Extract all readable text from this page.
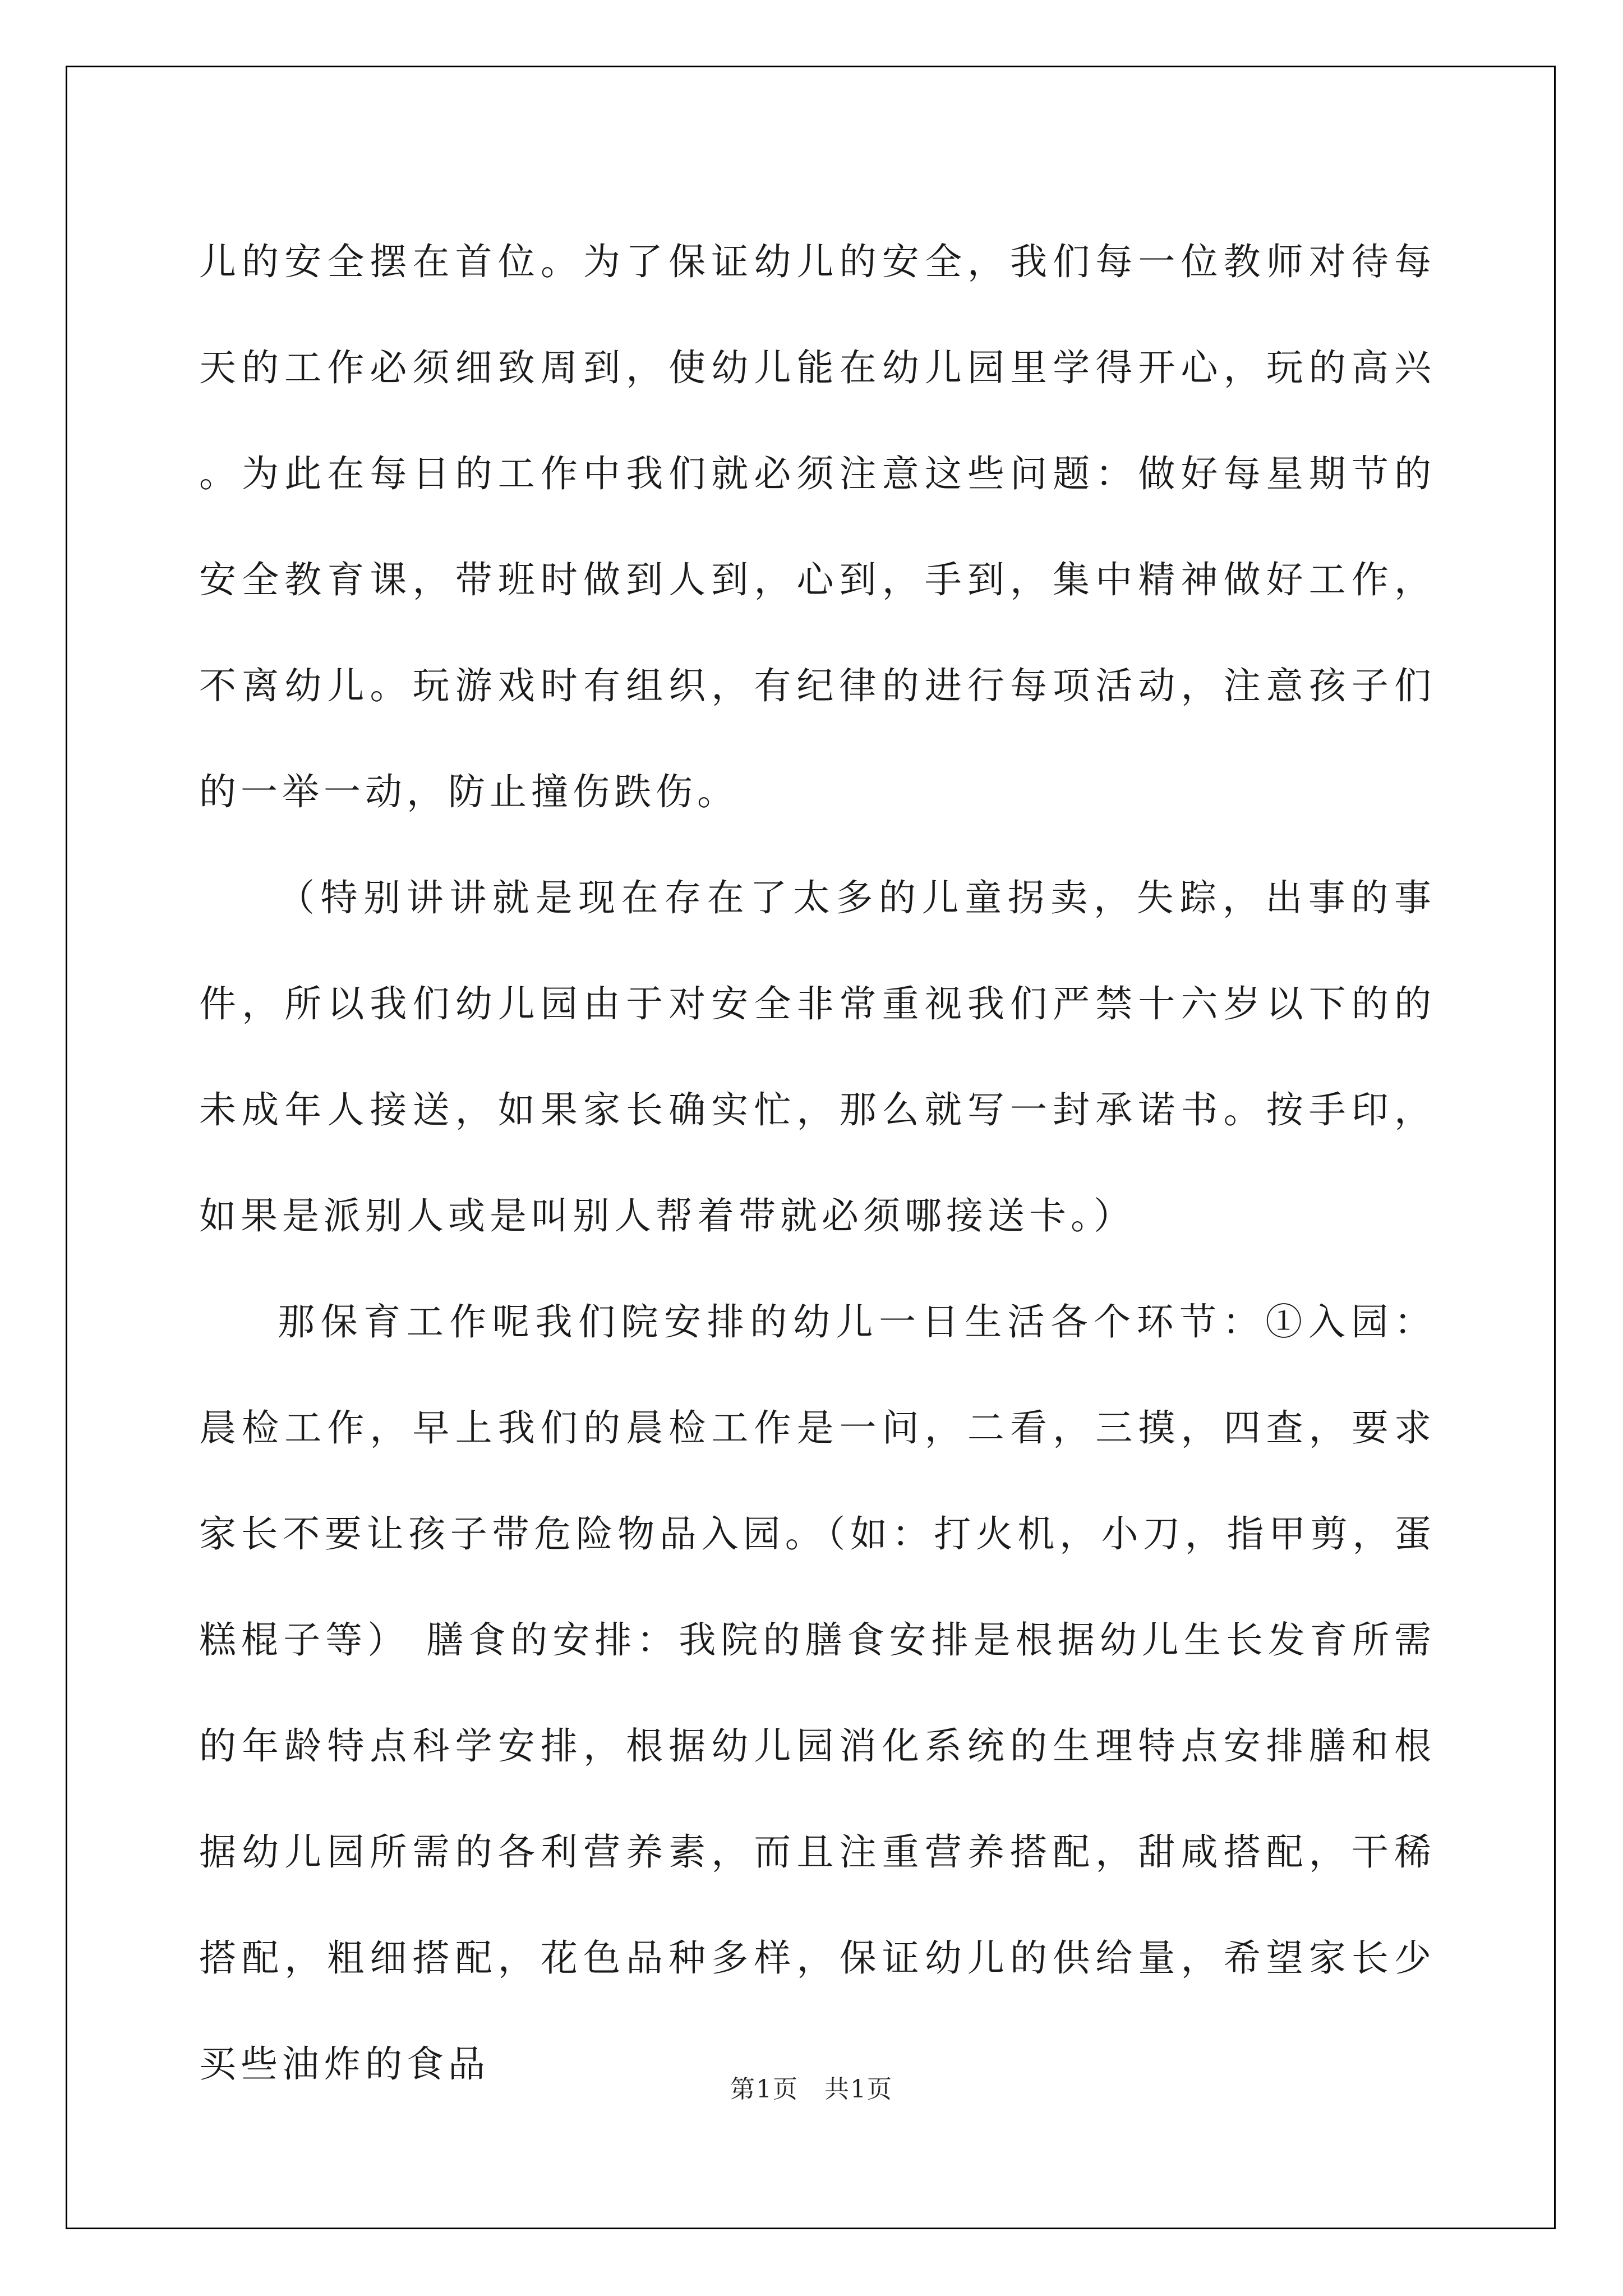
儿的安全摆在首位。为了保证幼儿的安全，我们每一位教师对待每天的工作必须细致周到，使幼儿能在幼儿园里学得开心，玩的高兴。为此在每日的工作中我们就必须注意这些问题：做好每星期节的安全教育课，带班时做到人到，心到，手到，集中精神做好工作，不离幼儿。玩游戏时有组织，有纪律的进行每项活动，注意孩子们的一举一动，防止撞伤跌伤。

（特别讲讲就是现在存在了太多的儿童拐卖，失踪，出事的事件，所以我们幼儿园由于对安全非常重视我们严禁十六岁以下的的未成年人接送，如果家长确实忙，那么就写一封承诺书。按手印，如果是派别人或是叫别人帮着带就必须哪接送卡。）

那保育工作呢我们院安排的幼儿一日生活各个环节：①入园：晨检工作，早上我们的晨检工作是一问，二看，三摸，四查，要求家长不要让孩子带危险物品入园。（如：打火机，小刀，指甲剪，蛋糕棍子等） 膳食的安排：我院的膳食安排是根据幼儿生长发育所需的年龄特点科学安排，根据幼儿园消化系统的生理特点安排膳和根据幼儿园所需的各利营养素，而且注重营养搭配，甜咸搭配，干稀搭配，粗细搭配，花色品种多样，保证幼儿的供给量，希望家长少买些油炸的食品

第1页 共1页
